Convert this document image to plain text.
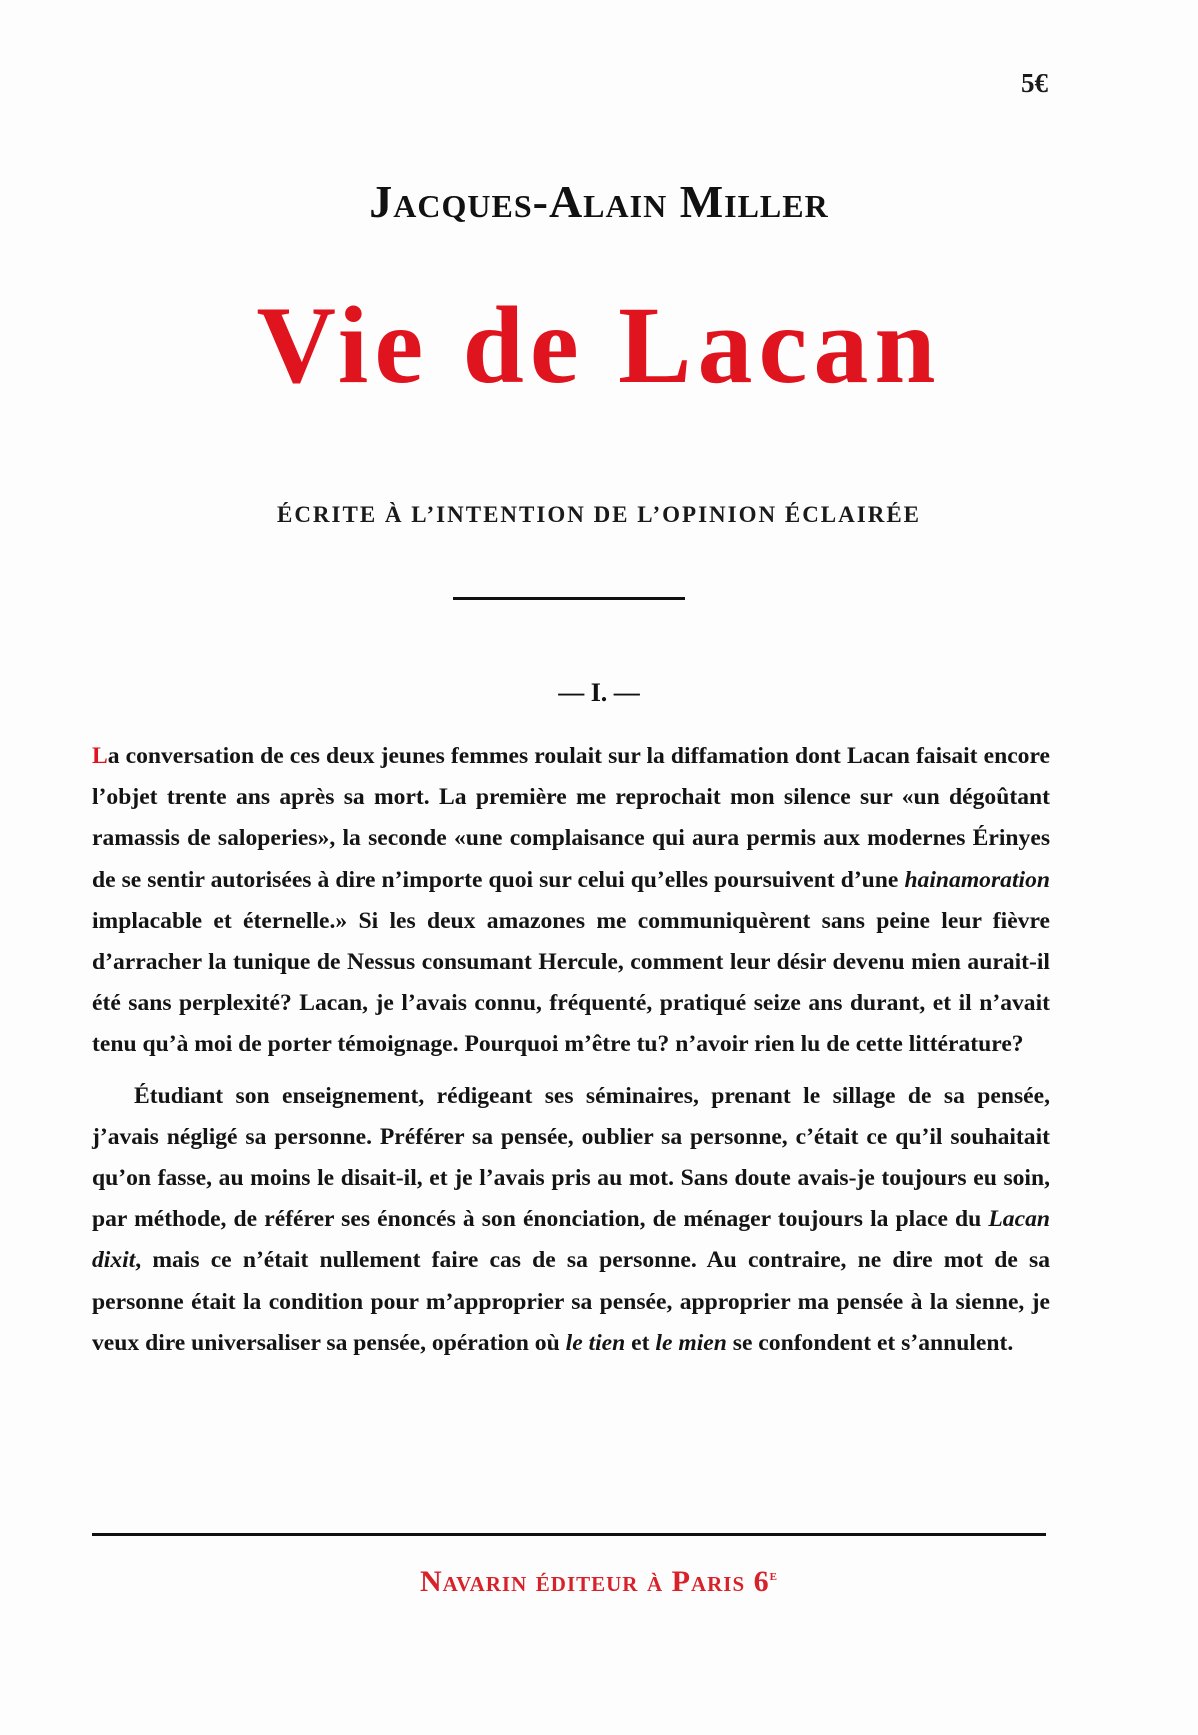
5€
Jacques-Alain Miller
Vie de Lacan
ÉCRITE À L’INTENTION DE L’OPINION ÉCLAIRÉE
— I. —

La conversation de ces deux jeunes femmes roulait sur la diffamation dont Lacan faisait encore l’objet trente ans après sa mort. La première me reprochait mon silence sur «un dégoûtant ramassis de saloperies», la seconde «une complaisance qui aura permis aux modernes Érinyes de se sentir autorisées à dire n’importe quoi sur celui qu’elles poursuivent d’une hainamoration implacable et éternelle.» Si les deux amazones me communiquèrent sans peine leur fièvre d’arracher la tunique de Nessus consumant Hercule, comment leur désir devenu mien aurait-il été sans perplexité? Lacan, je l’avais connu, fréquenté, pratiqué seize ans durant, et il n’avait tenu qu’à moi de porter témoignage. Pourquoi m’être tu? n’avoir rien lu de cette littérature?

Étudiant son enseignement, rédigeant ses séminaires, prenant le sillage de sa pensée, j’avais négligé sa personne. Préférer sa pensée, oublier sa personne, c’était ce qu’il souhaitait qu’on fasse, au moins le disait-il, et je l’avais pris au mot. Sans doute avais-je toujours eu soin, par méthode, de référer ses énoncés à son énonciation, de ménager toujours la place du Lacan dixit, mais ce n’était nullement faire cas de sa personne. Au contraire, ne dire mot de sa personne était la condition pour m’approprier sa pensée, approprier ma pensée à la sienne, je veux dire universaliser sa pensée, opération où le tien et le mien se confondent et s’annulent.

Navarin éditeur à Paris 6e
